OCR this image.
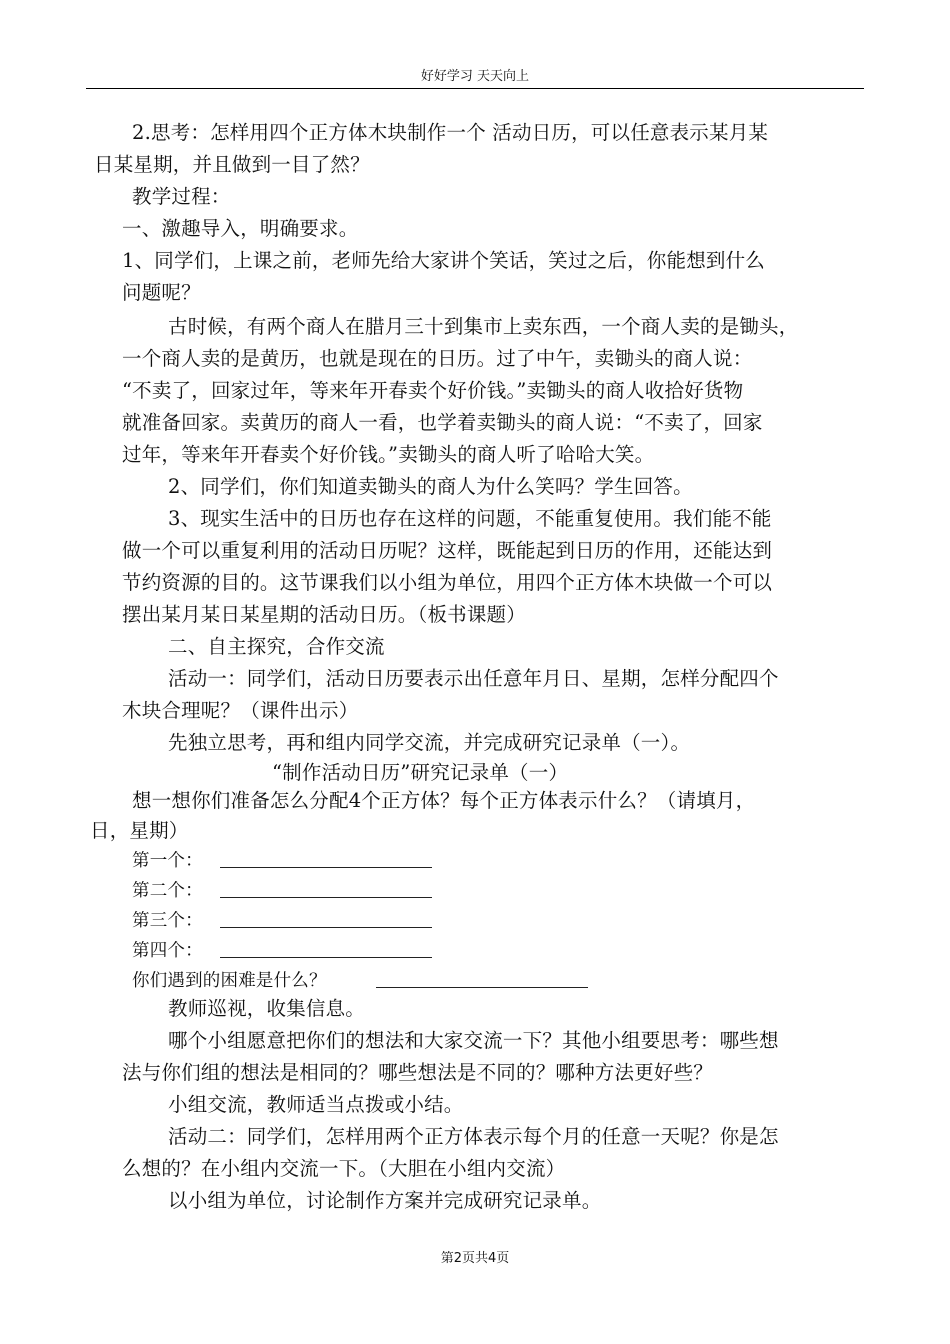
好好学习 天天向上
2.思考：怎样用四个正方体木块制作一个 活动日历，可以任意表示某月某
日某星期，并且做到一目了然？
教学过程：
一、激趣导入，明确要求。
1、同学们，上课之前，老师先给大家讲个笑话，笑过之后，你能想到什么
问题呢？
古时候，有两个商人在腊月三十到集市上卖东西，一个商人卖的是锄头，
一个商人卖的是黄历，也就是现在的日历。过了中午，卖锄头的商人说：
“不卖了，回家过年，等来年开春卖个好价钱。”卖锄头的商人收拾好货物
就准备回家。卖黄历的商人一看，也学着卖锄头的商人说：“不卖了，回家
过年，等来年开春卖个好价钱。”卖锄头的商人听了哈哈大笑。
2、同学们，你们知道卖锄头的商人为什么笑吗？学生回答。
3、现实生活中的日历也存在这样的问题，不能重复使用。我们能不能
做一个可以重复利用的活动日历呢？这样，既能起到日历的作用，还能达到
节约资源的目的。这节课我们以小组为单位，用四个正方体木块做一个可以
摆出某月某日某星期的活动日历。（板书课题）
二、自主探究，合作交流
活动一：同学们，活动日历要表示出任意年月日、星期，怎样分配四个
木块合理呢？（课件出示）
先独立思考，再和组内同学交流，并完成研究记录单（一）。
“制作活动日历”研究记录单（一）
想一想你们准备怎么分配4个正方体？每个正方体表示什么？（请填月，
日，星期）
第一个：
第二个：
第三个：
第四个：
你们遇到的困难是什么？
教师巡视，收集信息。
哪个小组愿意把你们的想法和大家交流一下？其他小组要思考：哪些想
法与你们组的想法是相同的？哪些想法是不同的？哪种方法更好些？
小组交流，教师适当点拨或小结。
活动二：同学们，怎样用两个正方体表示每个月的任意一天呢？你是怎
么想的？在小组内交流一下。（大胆在小组内交流）
以小组为单位，讨论制作方案并完成研究记录单。
第2页共4页
